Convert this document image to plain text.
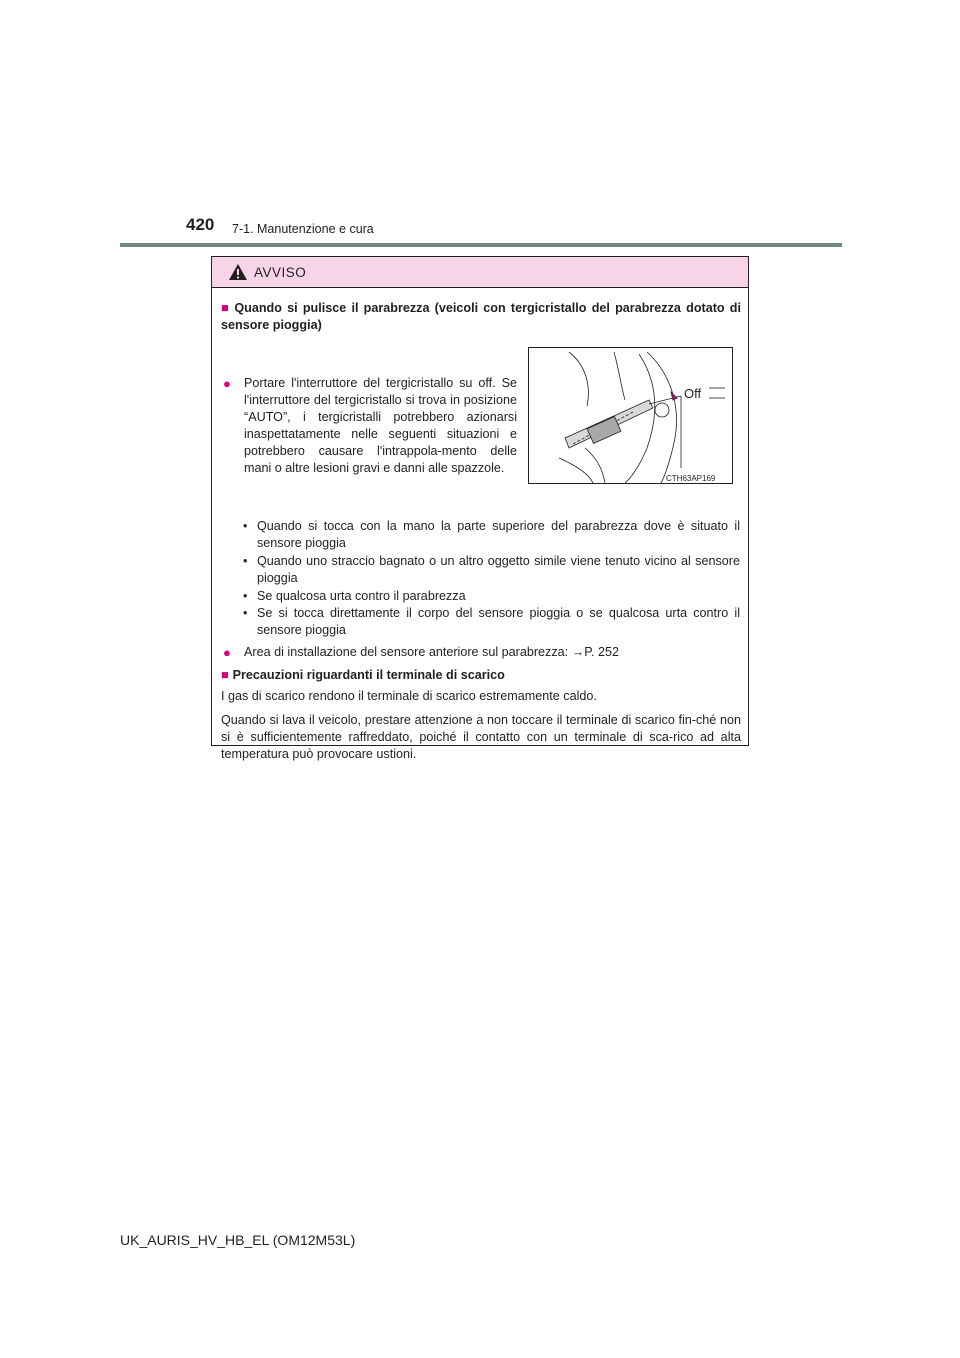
420 7-1. Manutenzione e cura
AVVISO
■ Quando si pulisce il parabrezza (veicoli con tergicristallo del parabrezza dotato di sensore pioggia)
● Portare l'interruttore del tergicristallo su off. Se l'interruttore del tergicristallo si trova in posizione “AUTO”, i tergicristalli potrebbero azionarsi inaspettatamente nelle seguenti situazioni e potrebbero causare l'intrappola-mento delle mani o altre lesioni gravi e danni alle spazzole.
• Quando si tocca con la mano la parte superiore del parabrezza dove è situato il sensore pioggia
• Quando uno straccio bagnato o un altro oggetto simile viene tenuto vicino al sensore pioggia
• Se qualcosa urta contro il parabrezza
• Se si tocca direttamente il corpo del sensore pioggia o se qualcosa urta contro il sensore pioggia
● Area di installazione del sensore anteriore sul parabrezza: →P. 252
■ Precauzioni riguardanti il terminale di scarico
I gas di scarico rendono il terminale di scarico estremamente caldo.
Quando si lava il veicolo, prestare attenzione a non toccare il terminale di scarico fin-ché non si è sufficientemente raffreddato, poiché il contatto con un terminale di sca-rico ad alta temperatura può provocare ustioni.
Off
CTH63AP169
UK_AURIS_HV_HB_EL (OM12M53L)
